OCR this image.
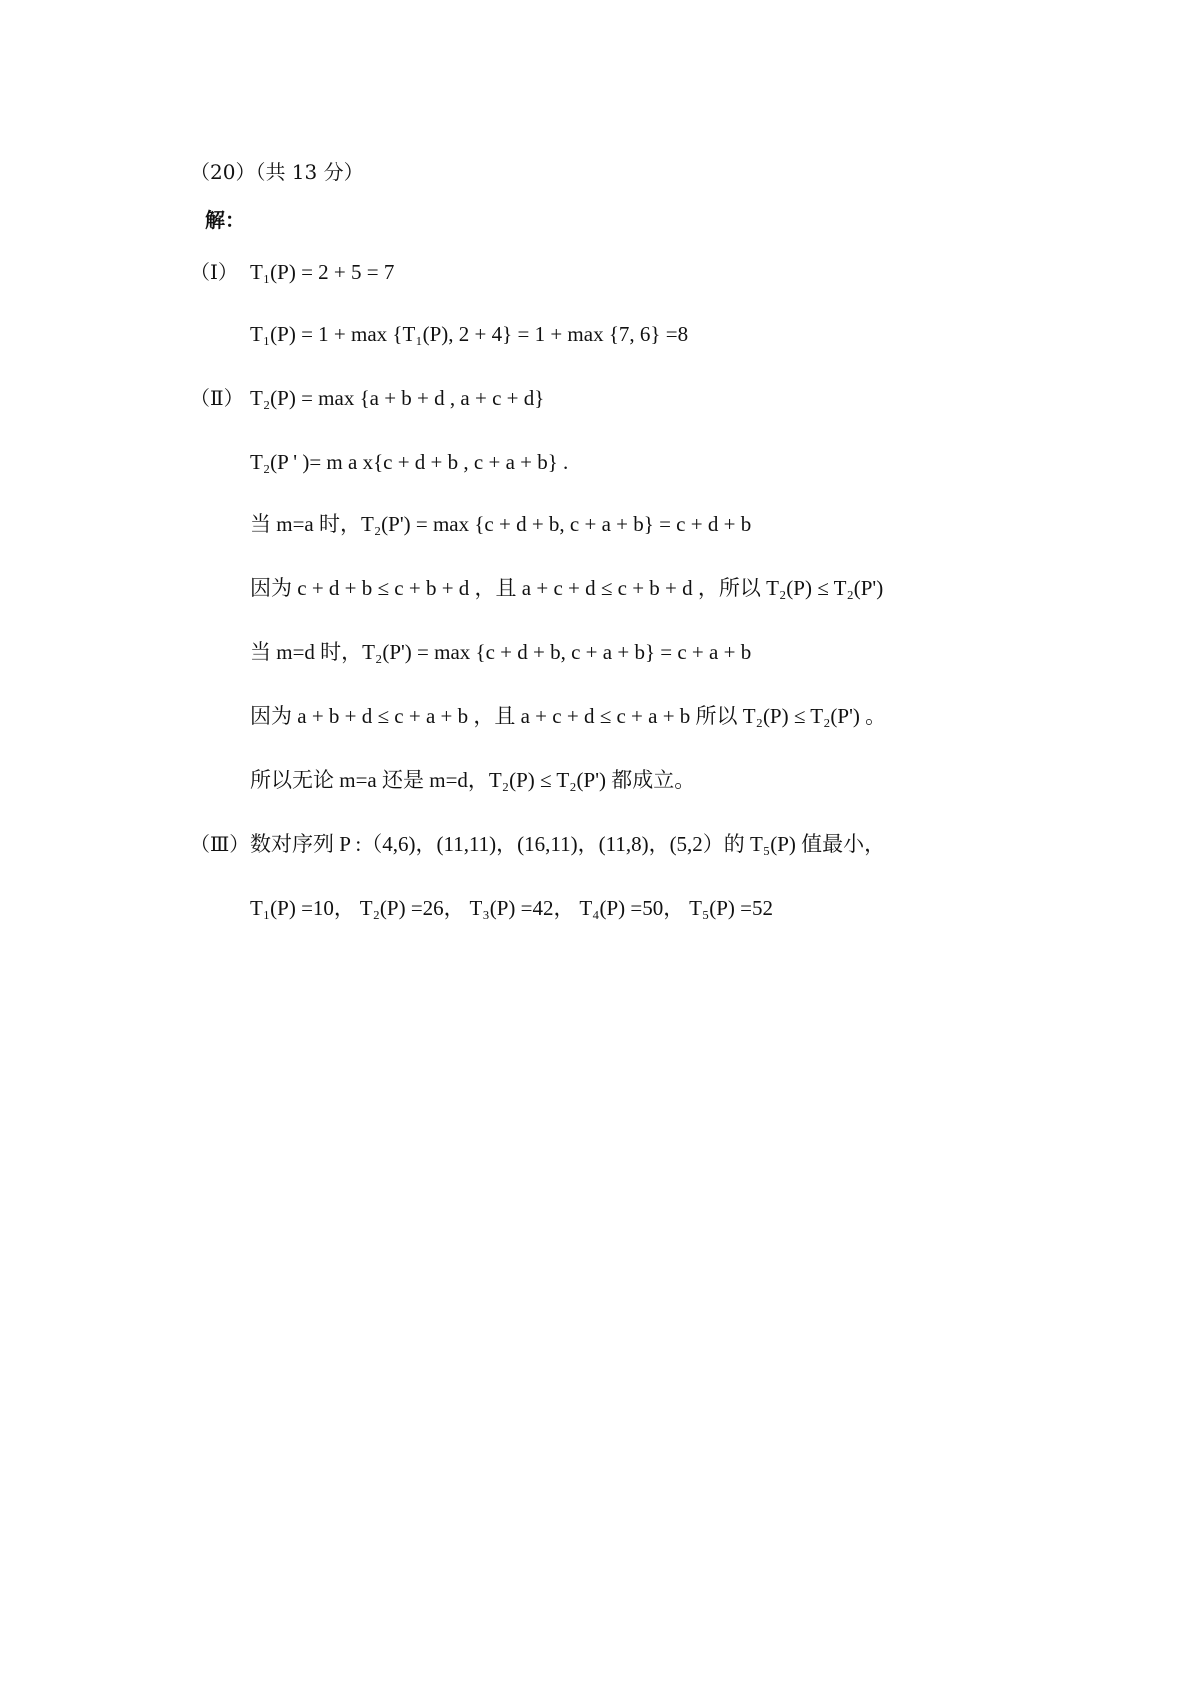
（20）（共 13 分）
解：
（Ⅰ） T₁(P) = 2 + 5 = 7
T₁(P) = 1 + max {T₁(P), 2 + 4} = 1 + max {7, 6} =8
（Ⅱ） T₂(P) = max {a + b + d , a + c + d}
T₂(P ' )= m a x{c + d + b , c + a + b} .
当 m=a 时，T₂(P') = max {c + d + b, c + a + b} = c + d + b
因为 c + d + b ≤ c + b + d ，且 a + c + d ≤ c + b + d ，所以 T₂(P) ≤ T₂(P')
当 m=d 时，T₂(P') = max {c + d + b, c + a + b} = c + a + b
因为 a + b + d ≤ c + a + b ，且 a + c + d ≤ c + a + b 所以 T₂(P) ≤ T₂(P') 。
所以无论 m=a 还是 m=d，T₂(P) ≤ T₂(P') 都成立。
（Ⅲ）数对序列 P :（4,6)，(11,11)，(16,11)，(11,8)，(5,2）的 T₅(P) 值最小，
T₁(P) =10， T₂(P) =26， T₃(P) =42， T₄(P) =50， T₅(P) =52
